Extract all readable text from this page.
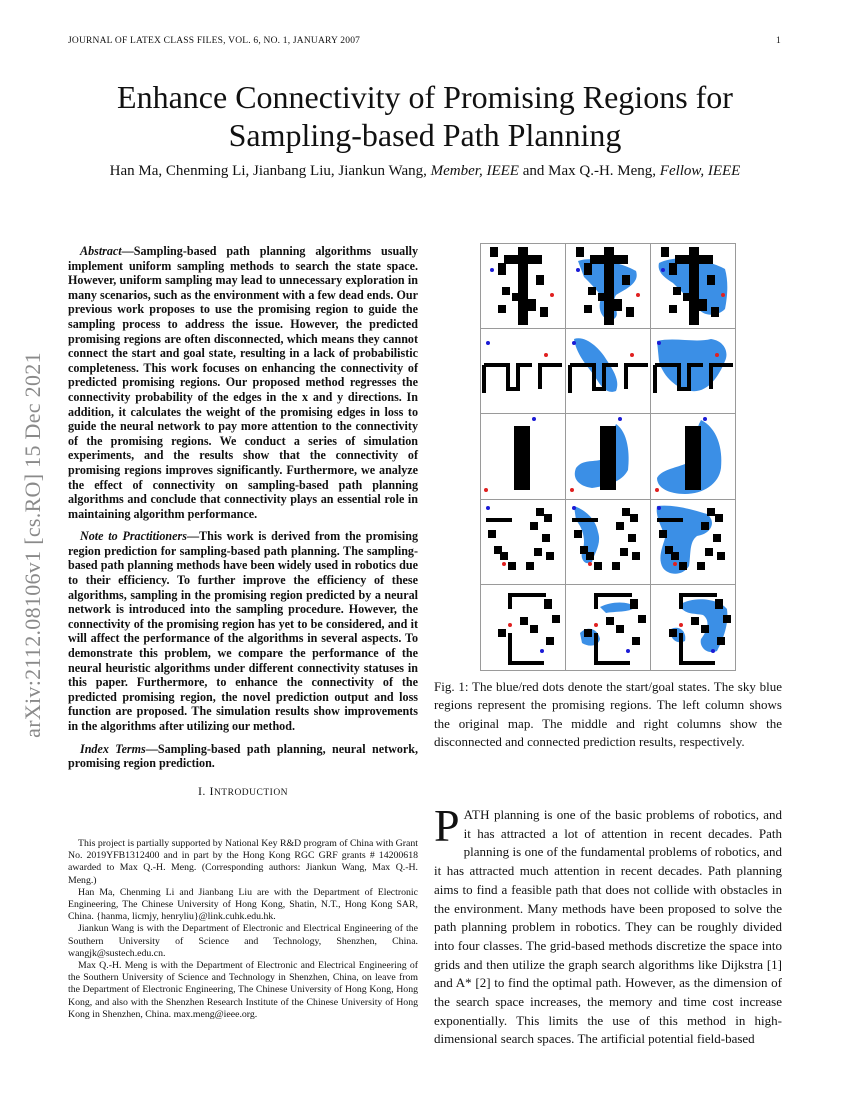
JOURNAL OF LATEX CLASS FILES, VOL. 6, NO. 1, JANUARY 2007	1
Enhance Connectivity of Promising Regions for Sampling-based Path Planning
Han Ma, Chenming Li, Jianbang Liu, Jiankun Wang, Member, IEEE and Max Q.-H. Meng, Fellow, IEEE
arXiv:2112.08106v1 [cs.RO] 15 Dec 2021

Abstract—Sampling-based path planning algorithms usually implement uniform sampling methods to search the state space. However, uniform sampling may lead to unnecessary exploration in many scenarios, such as the environment with a few dead ends. Our previous work proposes to use the promising region to guide the sampling process to address the issue. However, the predicted promising regions are often disconnected, which means they cannot connect the start and goal state, resulting in a lack of probabilistic completeness. This work focuses on enhancing the connectivity of predicted promising regions. Our proposed method regresses the connectivity probability of the edges in the x and y directions. In addition, it calculates the weight of the promising edges in loss to guide the neural network to pay more attention to the connectivity of the promising regions. We conduct a series of simulation experiments, and the results show that the connectivity of promising regions improves significantly. Furthermore, we analyze the effect of connectivity on sampling-based path planning algorithms and conclude that connectivity plays an essential role in maintaining algorithm performance.

Note to Practitioners—This work is derived from the promising region prediction for sampling-based path planning. The sampling-based path planning methods have been widely used in robotics due to their efficiency. To further improve the efficiency of these algorithms, sampling in the promising region predicted by a neural network is introduced into the sampling procedure. However, the connectivity of the promising region has yet to be considered, and it will affect the performance of the algorithms in several aspects. To demonstrate this problem, we compare the performance of the neural heuristic algorithms under different connectivity statuses in this paper. Furthermore, to enhance the connectivity of the predicted promising region, the novel prediction output and loss function are proposed. The simulation results show improvements in the algorithms after utilizing our method.

Index Terms—Sampling-based path planning, neural network, promising region prediction.

I. INTRODUCTION

This project is partially supported by National Key R&D program of China with Grant No. 2019YFB1312400 and in part by the Hong Kong RGC GRF grants # 14200618 awarded to Max Q.-H. Meng. (Corresponding authors: Jiankun Wang, Max Q.-H. Meng.)

Han Ma, Chenming Li and Jianbang Liu are with the Department of Electronic Engineering, The Chinese University of Hong Kong, Shatin, N.T., Hong Kong SAR, China. {hanma, licmjy, henryliu}@link.cuhk.edu.hk.

Jiankun Wang is with the Department of Electronic and Electrical Engineering of the Southern University of Science and Technology, Shenzhen, China. wangjk@sustech.edu.cn.

Max Q.-H. Meng is with the Department of Electronic and Electrical Engineering of the Southern University of Science and Technology in Shenzhen, China, on leave from the Department of Electronic Engineering, The Chinese University of Hong Kong, Hong Kong, and also with the Shenzhen Research Institute of the Chinese University of Hong Kong in Shenzhen, China. max.meng@ieee.org.

Fig. 1: The blue/red dots denote the start/goal states. The sky blue regions represent the promising regions. The left column shows the original map. The middle and right columns show the disconnected and connected prediction results, respectively.
PATH planning is one of the basic problems of robotics, and it has attracted a lot of attention in recent decades. Path planning is one of the fundamental problems of robotics, and it has attracted much attention in recent decades. Path planning aims to find a feasible path that does not collide with obstacles in the environment. Many methods have been proposed to solve the path planning problem in robotics. They can be roughly divided into four classes. The grid-based methods discretize the space into grids and then utilize the graph search algorithms like Dijkstra [1] and A* [2] to find the optimal path. However, as the dimension of the search space increases, the memory and time cost increase exponentially. This limits the use of this method in high-dimensional search spaces. The artificial potential field-based
